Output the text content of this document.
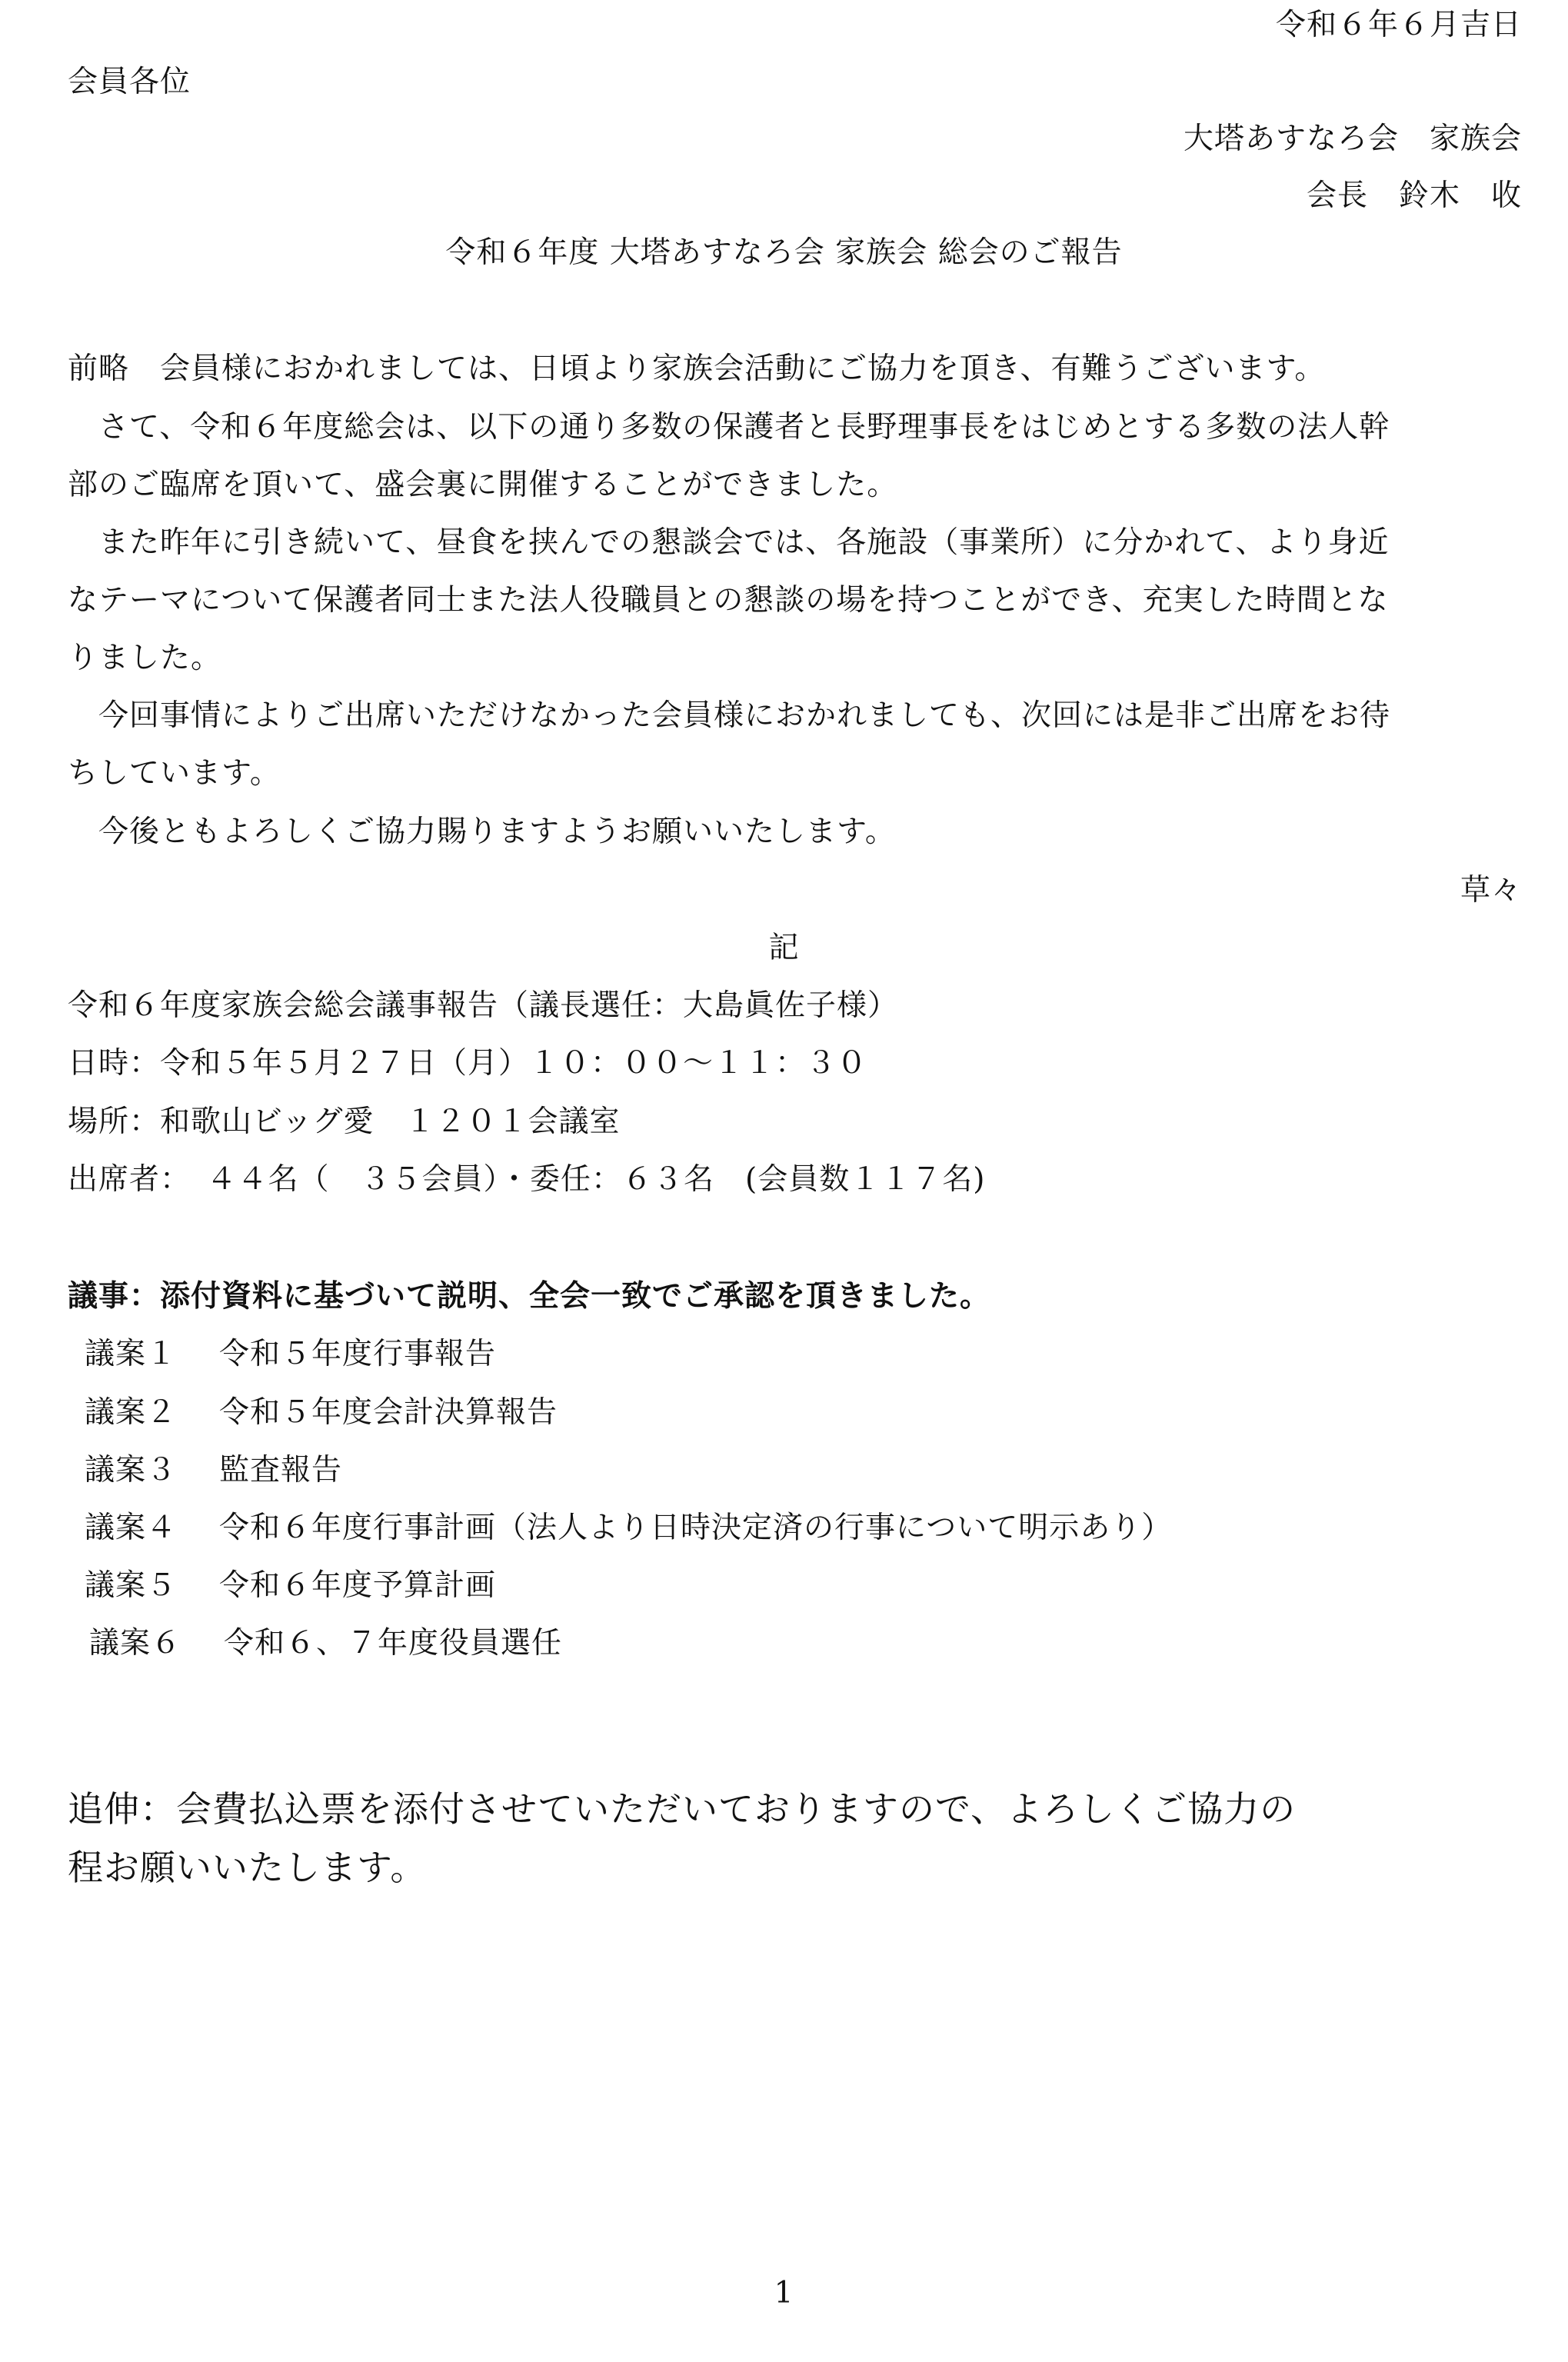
令和６年６月吉日

会員各位

大塔あすなろ会　家族会

会長　鈴木　收

令和６年度 大塔あすなろ会 家族会 総会のご報告

前略　会員様におかれましては、日頃より家族会活動にご協力を頂き、有難うございます。

　さて、令和６年度総会は、以下の通り多数の保護者と長野理事長をはじめとする多数の法人幹

部のご臨席を頂いて、盛会裏に開催することができました。

　また昨年に引き続いて、昼食を挟んでの懇談会では、各施設（事業所）に分かれて、より身近

なテーマについて保護者同士また法人役職員との懇談の場を持つことができ、充実した時間とな

りました。

　今回事情によりご出席いただけなかった会員様におかれましても、次回には是非ご出席をお待

ちしています。

　今後ともよろしくご協力賜りますようお願いいたします。

草々

記

令和６年度家族会総会議事報告（議長選任：大島眞佐子様）

日時：令和５年５月２７日（月）１０：００～１１：３０

場所：和歌山ビッグ愛　１２０１会議室

出席者：　４４名（　３５会員）・委任：６３名　(会員数１１７名)

議事：添付資料に基づいて説明、全会一致でご承認を頂きました。

議案１ 令和５年度行事報告

議案２ 令和５年度会計決算報告

議案３ 監査報告

議案４ 令和６年度行事計画（法人より日時決定済の行事について明示あり）

議案５ 令和６年度予算計画

議案６ 令和６、７年度役員選任

追伸：会費払込票を添付させていただいておりますので、よろしくご協力の

程お願いいたします。

1
